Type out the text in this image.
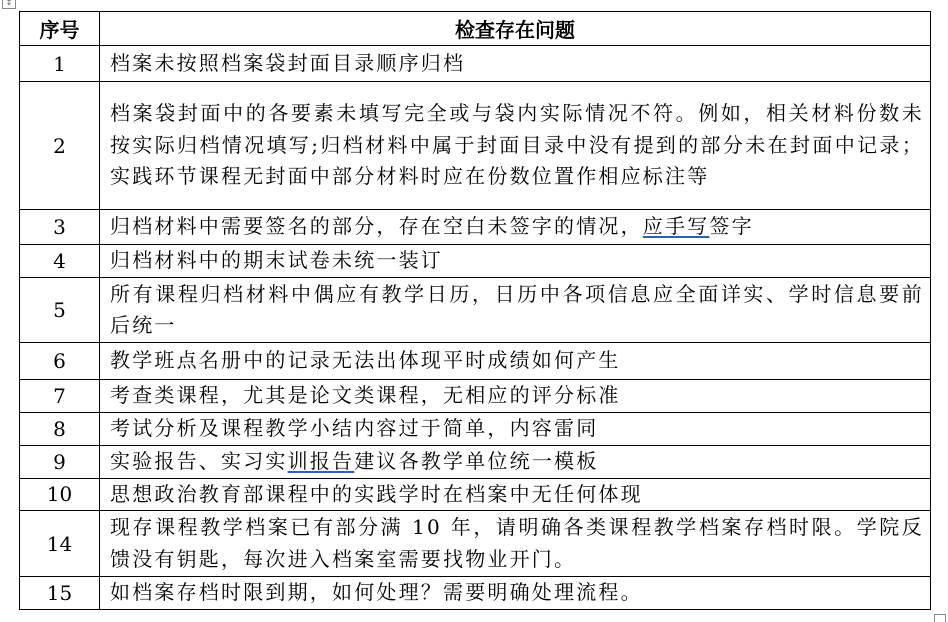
↕
序号	检查存在问题
1	档案未按照档案袋封面目录顺序归档
2	档案袋封面中的各要素未填写完全或与袋内实际情况不符。例如，相关材料份数未按实际归档情况填写;归档材料中属于封面目录中没有提到的部分未在封面中记录；实践环节课程无封面中部分材料时应在份数位置作相应标注等
3	归档材料中需要签名的部分，存在空白未签字的情况，应手写签字
4	归档材料中的期末试卷未统一装订
5	所有课程归档材料中偶应有教学日历，日历中各项信息应全面详实、学时信息要前后统一
6	教学班点名册中的记录无法出体现平时成绩如何产生
7	考查类课程，尤其是论文类课程，无相应的评分标准
8	考试分析及课程教学小结内容过于简单，内容雷同
9	实验报告、实习实训报告建议各教学单位统一模板
10	思想政治教育部课程中的实践学时在档案中无任何体现
14	现存课程教学档案已有部分满 10 年，请明确各类课程教学档案存档时限。学院反馈没有钥匙，每次进入档案室需要找物业开门。
15	如档案存档时限到期，如何处理？需要明确处理流程。
